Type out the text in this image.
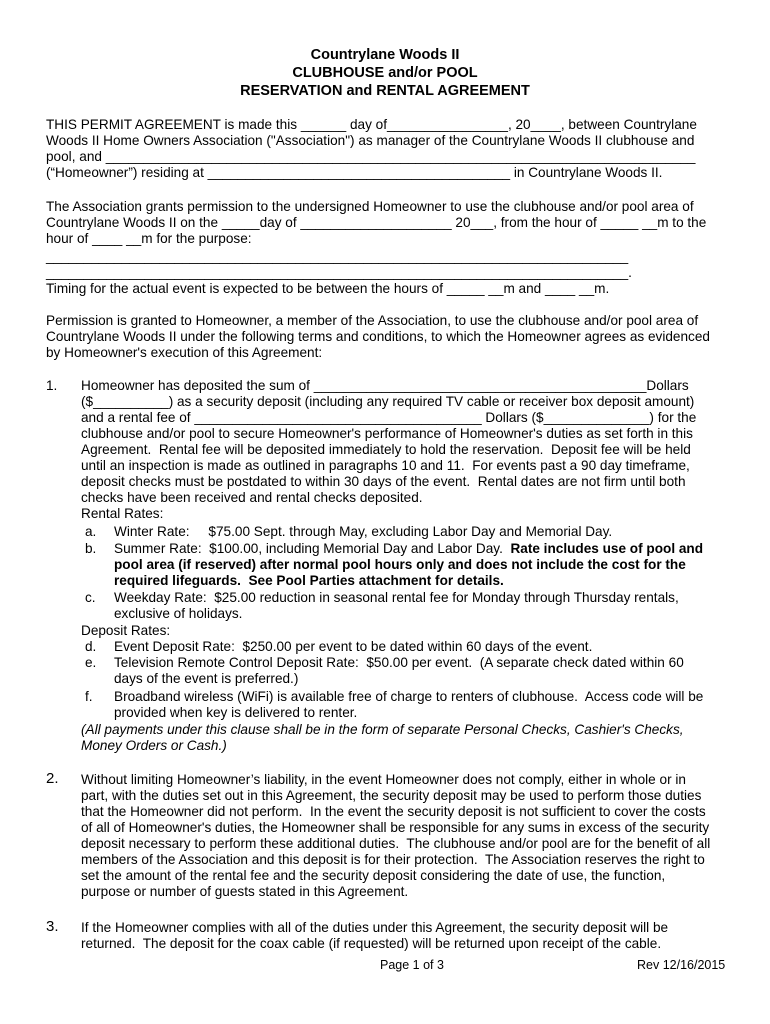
Countrylane Woods II
CLUBHOUSE and/or POOL
RESERVATION and RENTAL AGREEMENT
THIS PERMIT AGREEMENT is made this ______ day of________________, 20____, between Countrylane
Woods II Home Owners Association ("Association") as manager of the Countrylane Woods II clubhouse and
pool, and ______________________________________________________________________________
(“Homeowner”) residing at ________________________________________ in Countrylane Woods II.
The Association grants permission to the undersigned Homeowner to use the clubhouse and/or pool area of
Countrylane Woods II on the _____day of ____________________ 20___, from the hour of _____ __m to the
hour of ____ __m for the purpose:
_____________________________________________________________________________
_____________________________________________________________________________.
Timing for the actual event is expected to be between the hours of _____ __m and ____ __m.
Permission is granted to Homeowner, a member of the Association, to use the clubhouse and/or pool area of
Countrylane Woods II under the following terms and conditions, to which the Homeowner agrees as evidenced
by Homeowner's execution of this Agreement:
1. Homeowner has deposited the sum of ____________________________________________Dollars
($__________) as a security deposit (including any required TV cable or receiver box deposit amount)
and a rental fee of ______________________________________ Dollars ($______________) for the
clubhouse and/or pool to secure Homeowner's performance of Homeowner's duties as set forth in this
Agreement.  Rental fee will be deposited immediately to hold the reservation.  Deposit fee will be held
until an inspection is made as outlined in paragraphs 10 and 11.  For events past a 90 day timeframe,
deposit checks must be postdated to within 30 days of the event.  Rental dates are not firm until both
checks have been received and rental checks deposited.
Rental Rates:
a. Winter Rate:     $75.00 Sept. through May, excluding Labor Day and Memorial Day.
b. Summer Rate:  $100.00, including Memorial Day and Labor Day.  Rate includes use of pool and
pool area (if reserved) after normal pool hours only and does not include the cost for the
required lifeguards.  See Pool Parties attachment for details.
c. Weekday Rate:  $25.00 reduction in seasonal rental fee for Monday through Thursday rentals,
exclusive of holidays.
Deposit Rates:
d. Event Deposit Rate:  $250.00 per event to be dated within 60 days of the event.
e. Television Remote Control Deposit Rate:  $50.00 per event.  (A separate check dated within 60
days of the event is preferred.)
f. Broadband wireless (WiFi) is available free of charge to renters of clubhouse.  Access code will be
provided when key is delivered to renter.
(All payments under this clause shall be in the form of separate Personal Checks, Cashier's Checks,
Money Orders or Cash.)
2. Without limiting Homeowner’s liability, in the event Homeowner does not comply, either in whole or in
part, with the duties set out in this Agreement, the security deposit may be used to perform those duties
that the Homeowner did not perform.  In the event the security deposit is not sufficient to cover the costs
of all of Homeowner's duties, the Homeowner shall be responsible for any sums in excess of the security
deposit necessary to perform these additional duties.  The clubhouse and/or pool are for the benefit of all
members of the Association and this deposit is for their protection.  The Association reserves the right to
set the amount of the rental fee and the security deposit considering the date of use, the function,
purpose or number of guests stated in this Agreement.
3. If the Homeowner complies with all of the duties under this Agreement, the security deposit will be
returned.  The deposit for the coax cable (if requested) will be returned upon receipt of the cable.
Page 1 of 3	Rev 12/16/2015
